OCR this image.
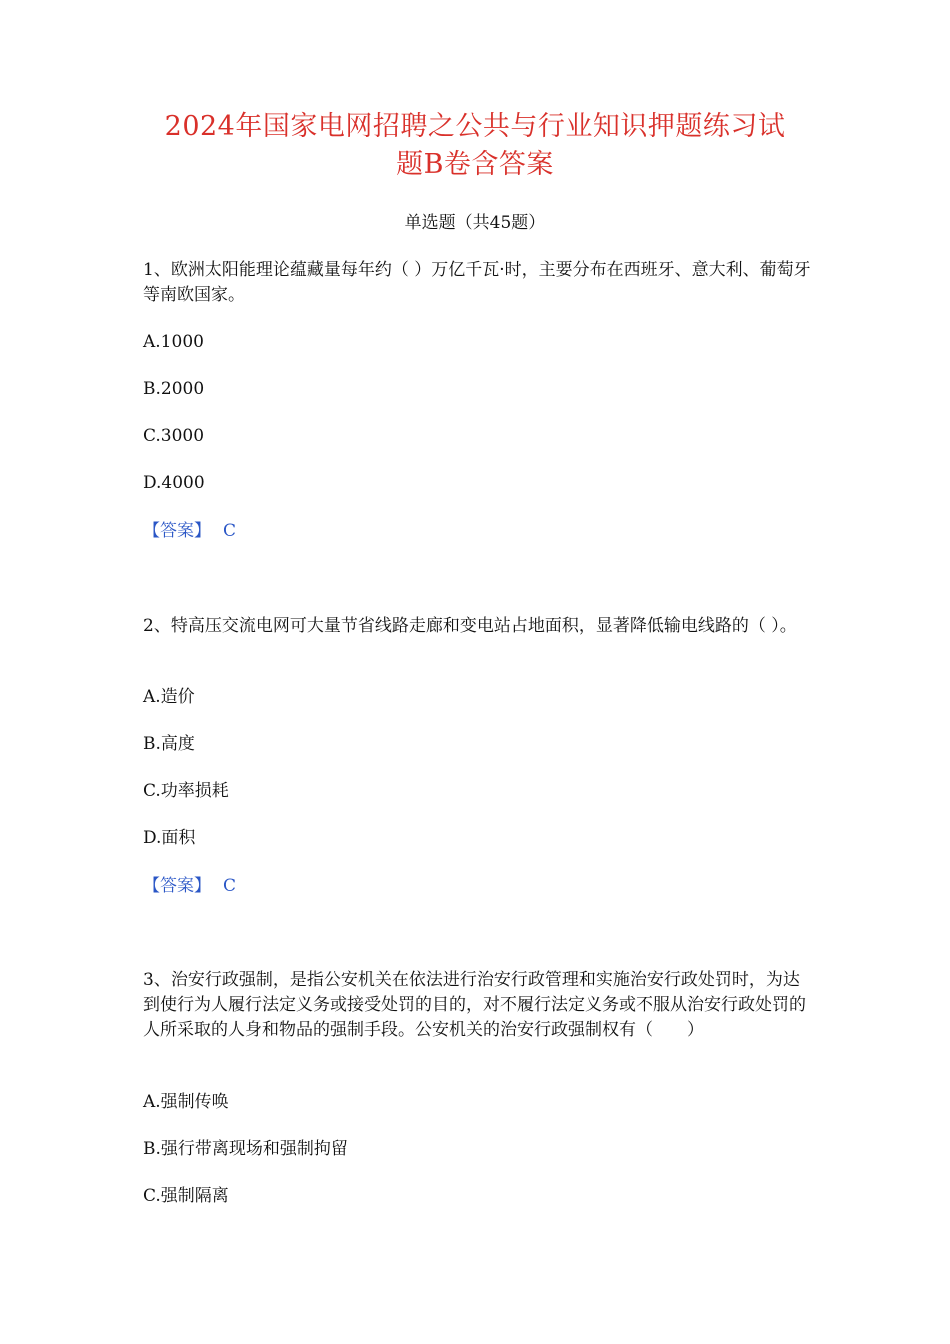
2024年国家电网招聘之公共与行业知识押题练习试
题B卷含答案
单选题（共45题）

1、欧洲太阳能理论蕴藏量每年约（ ）万亿千瓦·时，主要分布在西班牙、意大利、葡萄牙等南欧国家。

A.1000
B.2000
C.3000
D.4000
【答案】 C

2、特高压交流电网可大量节省线路走廊和变电站占地面积，显著降低输电线路的（ ）。

A.造价
B.高度
C.功率损耗
D.面积
【答案】 C

3、治安行政强制，是指公安机关在依法进行治安行政管理和实施治安行政处罚时，为达到使行为人履行法定义务或接受处罚的目的，对不履行法定义务或不服从治安行政处罚的人所采取的人身和物品的强制手段。公安机关的治安行政强制权有（　　）

A.强制传唤
B.强行带离现场和强制拘留
C.强制隔离
